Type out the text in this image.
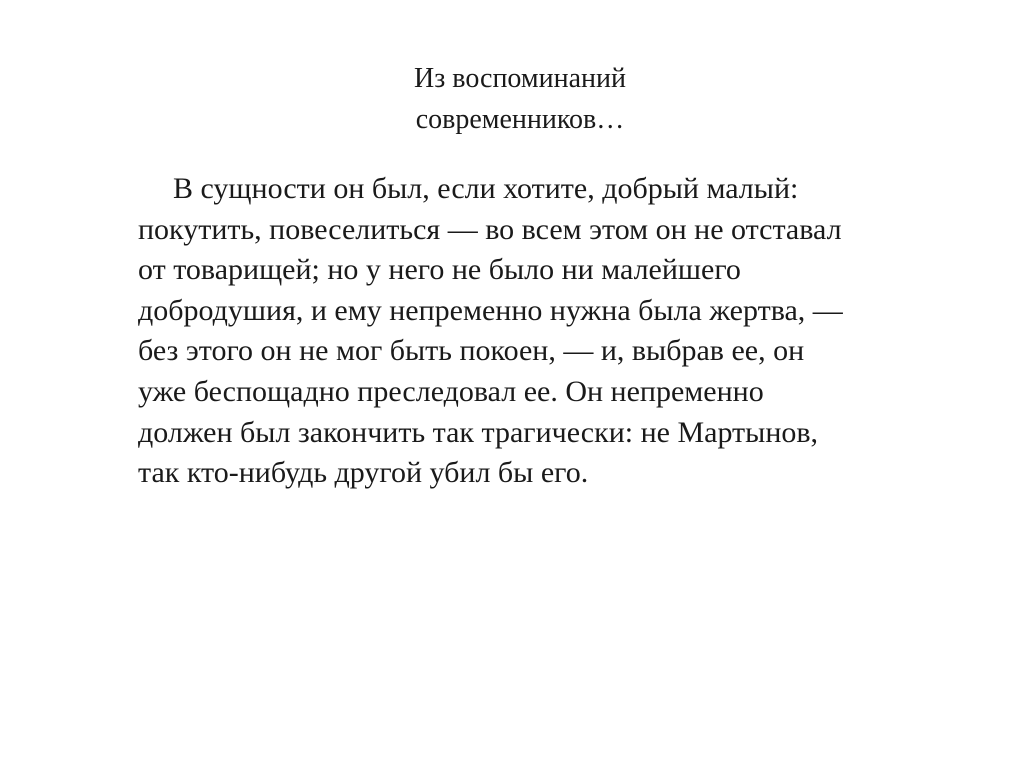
Из воспоминаний
современников…
В сущности он был, если хотите, добрый малый:
покутить, повеселиться — во всем этом он не отставал
от товарищей; но у него не было ни малейшего
добродушия, и ему непременно нужна была жертва, —
без этого он не мог быть покоен, — и, выбрав ее, он
уже беспощадно преследовал ее. Он непременно
должен был закончить так трагически: не Мартынов,
так кто-нибудь другой убил бы его.
